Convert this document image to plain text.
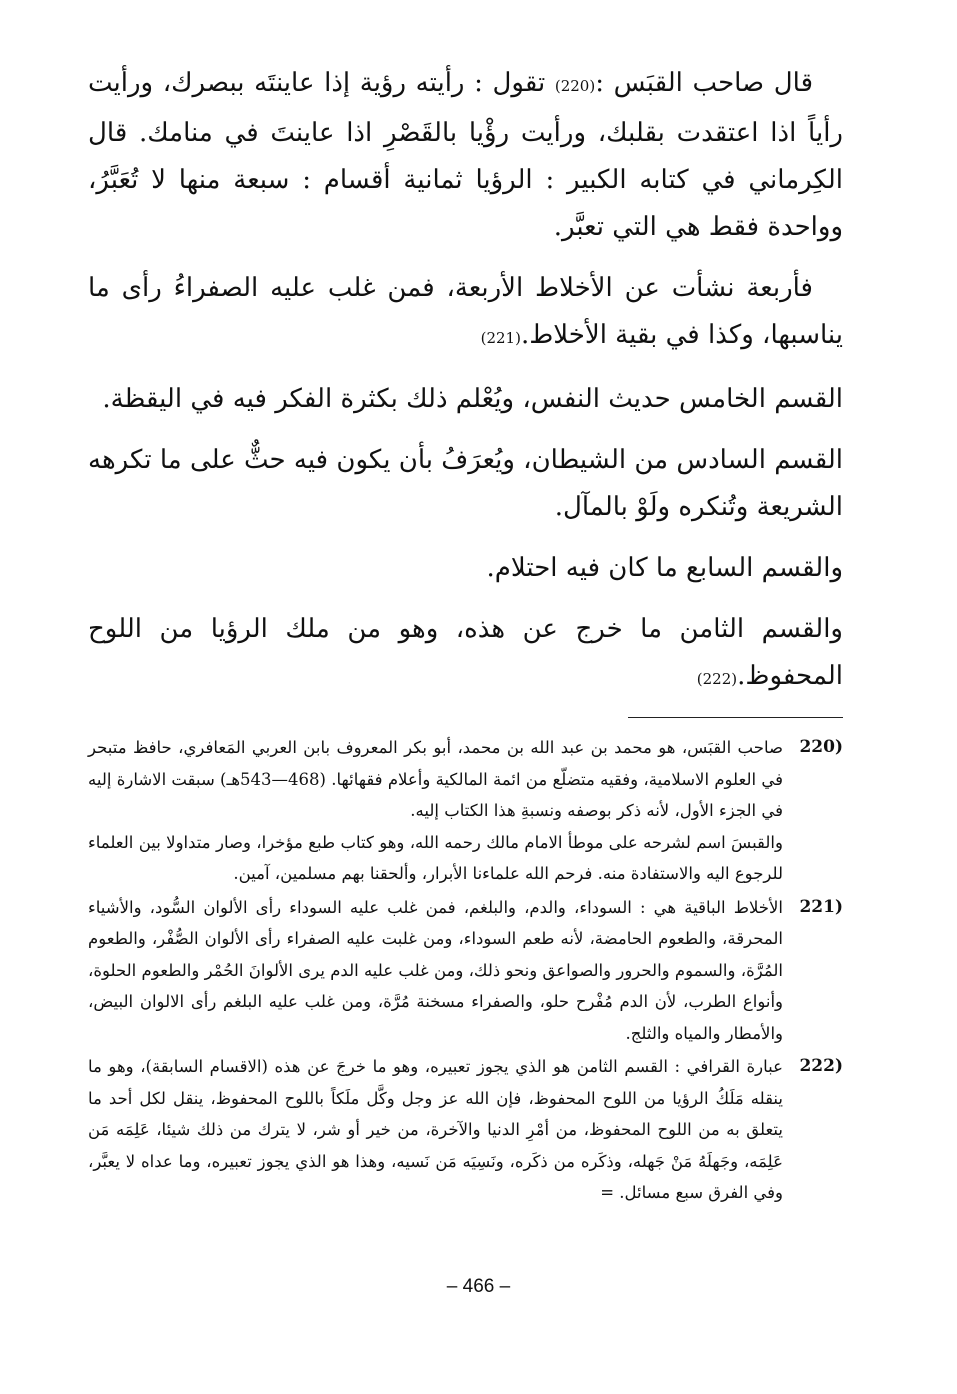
قال صاحب القبَس :(220) تقول : رأيته رؤية إذا عاينتَه ببصرك، ورأيت رأياً اذا اعتقدت بقلبك، ورأيت رؤْيا بالقَصْرِ اذا عاينتَ في منامك. قال الكِرماني في كتابه الكبير : الرؤيا ثمانية أقسام : سبعة منها لا تُعَبَّرُ، وواحدة فقط هي التي تعبَّر.

فأربعة نشأت عن الأخلاط الأربعة، فمن غلب عليه الصفراءُ رأى ما يناسبها، وكذا في بقية الأخلاط.(221)

القسم الخامس حديث النفس، ويُعْلم ذلك بكثرة الفكر فيه في اليقظة.

القسم السادس من الشيطان، ويُعرَفُ بأن يكون فيه حثٌّ على ما تكرهه الشريعة وتُنكره ولَوْ بالمآل.

والقسم السابع ما كان فيه احتلام.

والقسم الثامن ما خرج عن هذه، وهو من ملك الرؤيا من اللوح المحفوظ.(222)

(220

صاحب القبَس، هو محمد بن عبد الله بن محمد، أبو بكر المعروف بابن العربي المَعافري، حافظ متبحر في العلوم الاسلامية، وفقيه متضلّع من ائمة المالكية وأعلام فقهائها. (468—543هـ) سبقت الاشارة إليه في الجزء الأول، لأنه ذكر بوصفه ونسبةِ هذا الكتاب إليه.

والقبسَ اسم لشرحه على موطأ الامام مالك رحمه الله، وهو كتاب طبع مؤخرا، وصار متداولا بين العلماء للرجوع اليه والاستفادة منه. فرحم الله علماءنا الأبرار، وألحقنا بهم مسلمين، آمين.

(221

الأخلاط الباقية هي : السوداء، والدم، والبلغم، فمن غلب عليه السوداء رأى الألوان السُّود، والأشياء المحرقة، والطعوم الحامضة، لأنه طعم السوداء، ومن غلبت عليه الصفراء رأى الألوان الصُّفْر، والطعوم المُرَّة، والسموم والحرور والصواعق ونحو ذلك، ومن غلب عليه الدم يرى الألوانَ الحُمْر والطعوم الحلوة، وأنواع الطرب، لأن الدم مُفْرح حلو، والصفراء مسخنة مُرَّة، ومن غلب عليه البلغم رأى الالوان البيض، والأمطار والمياه والثلج.

(222

عبارة القرافي : القسم الثامن هو الذي يجوز تعبيره، وهو ما خرجَ عن هذه (الاقسام السابقة)، وهو ما ينقله مَلَكُ الرؤيا من اللوح المحفوظ، فإن الله عز وجل وكَّل ملَكاً باللوح المحفوظ، ينقل لكل أحد ما يتعلق به من اللوح المحفوظ، من أمْرِ الدنيا والآخرة، من خير أو شر، لا يترك من ذلك شيئا، عَلِمَه مَن عَلِمَه، وجَهلَهُ مَنْ جَهله، وذكَره من ذكَره، ونَسِيَه مَن نَسيه، وهذا هو الذي يجوز تعبيره، وما عداه لا يعبَّر، وفي الفرق سبع مسائل. =

– 466 –
